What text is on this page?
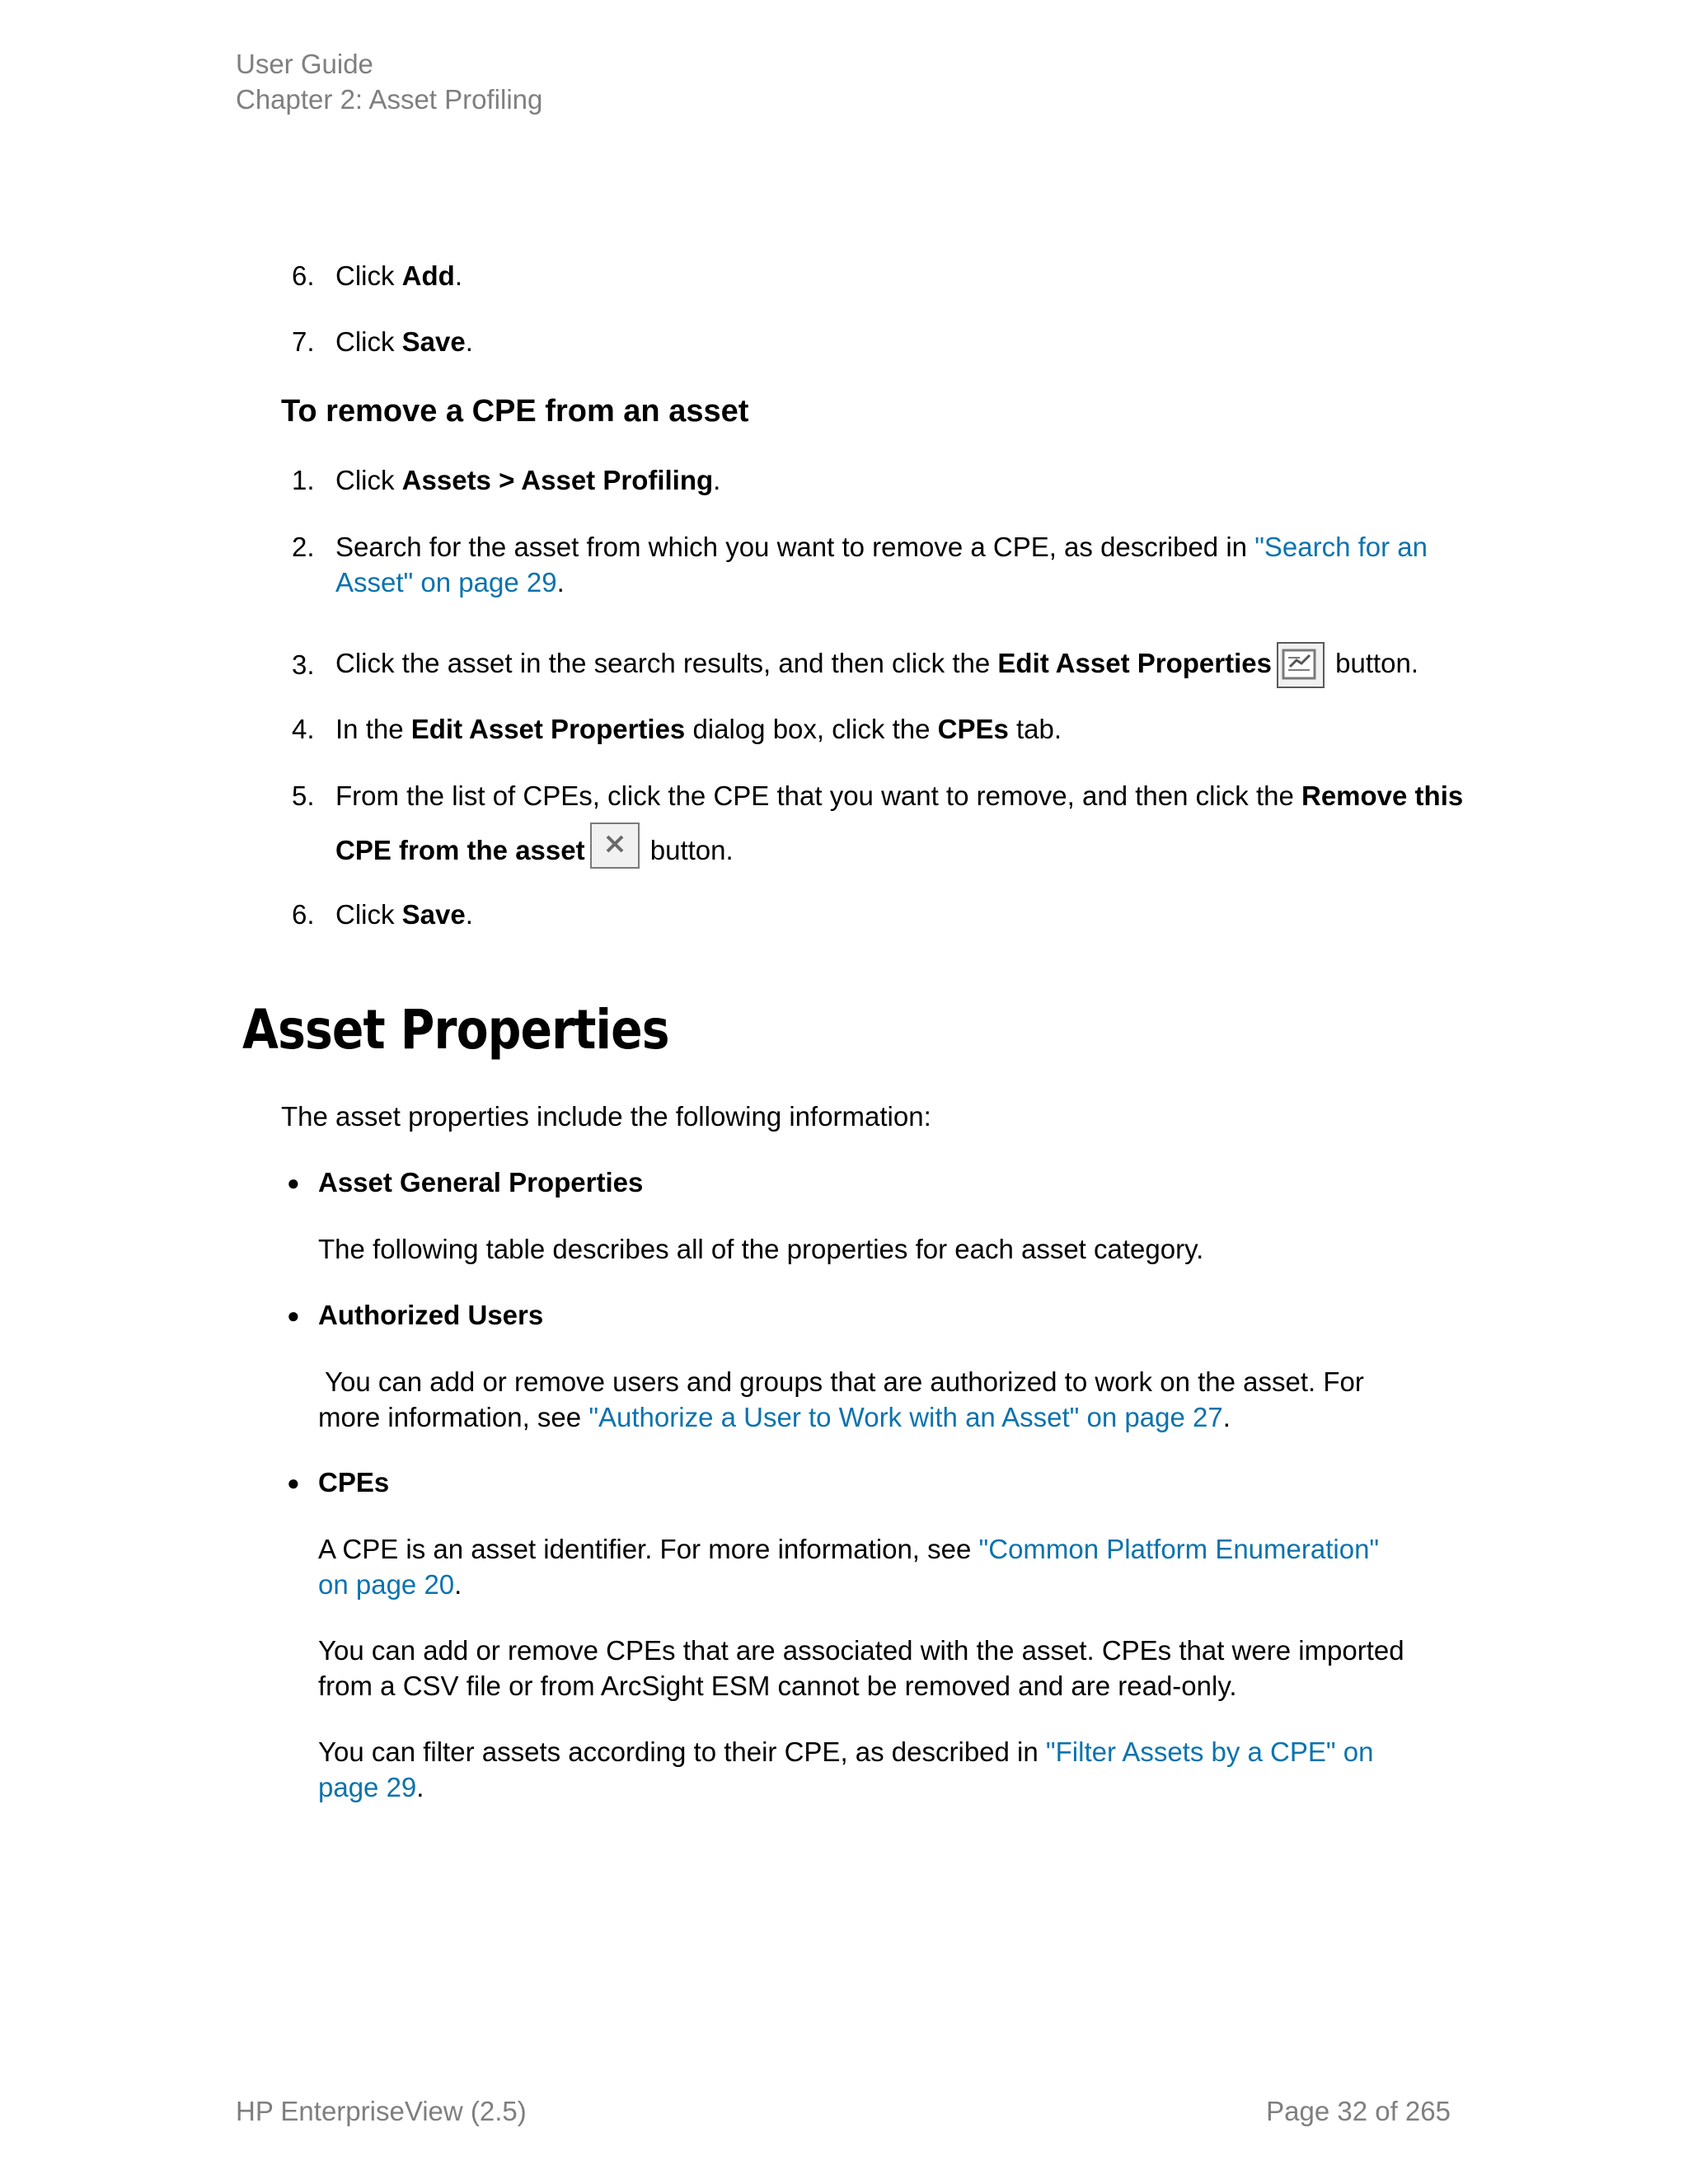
User Guide
Chapter 2: Asset Profiling
6. Click Add.
7. Click Save.
To remove a CPE from an asset
1. Click Assets > Asset Profiling.
2. Search for the asset from which you want to remove a CPE, as described in "Search for an Asset" on page 29.
3. Click the asset in the search results, and then click the Edit Asset Properties button.
4. In the Edit Asset Properties dialog box, click the CPEs tab.
5. From the list of CPEs, click the CPE that you want to remove, and then click the Remove this CPE from the asset button.
6. Click Save.
Asset Properties
The asset properties include the following information:
● Asset General Properties
The following table describes all of the properties for each asset category.
● Authorized Users
You can add or remove users and groups that are authorized to work on the asset. For more information, see "Authorize a User to Work with an Asset" on page 27.
● CPEs
A CPE is an asset identifier. For more information, see "Common Platform Enumeration" on page 20.
You can add or remove CPEs that are associated with the asset. CPEs that were imported from a CSV file or from ArcSight ESM cannot be removed and are read-only.
You can filter assets according to their CPE, as described in "Filter Assets by a CPE" on page 29.
HP EnterpriseView (2.5)	Page 32 of 265
